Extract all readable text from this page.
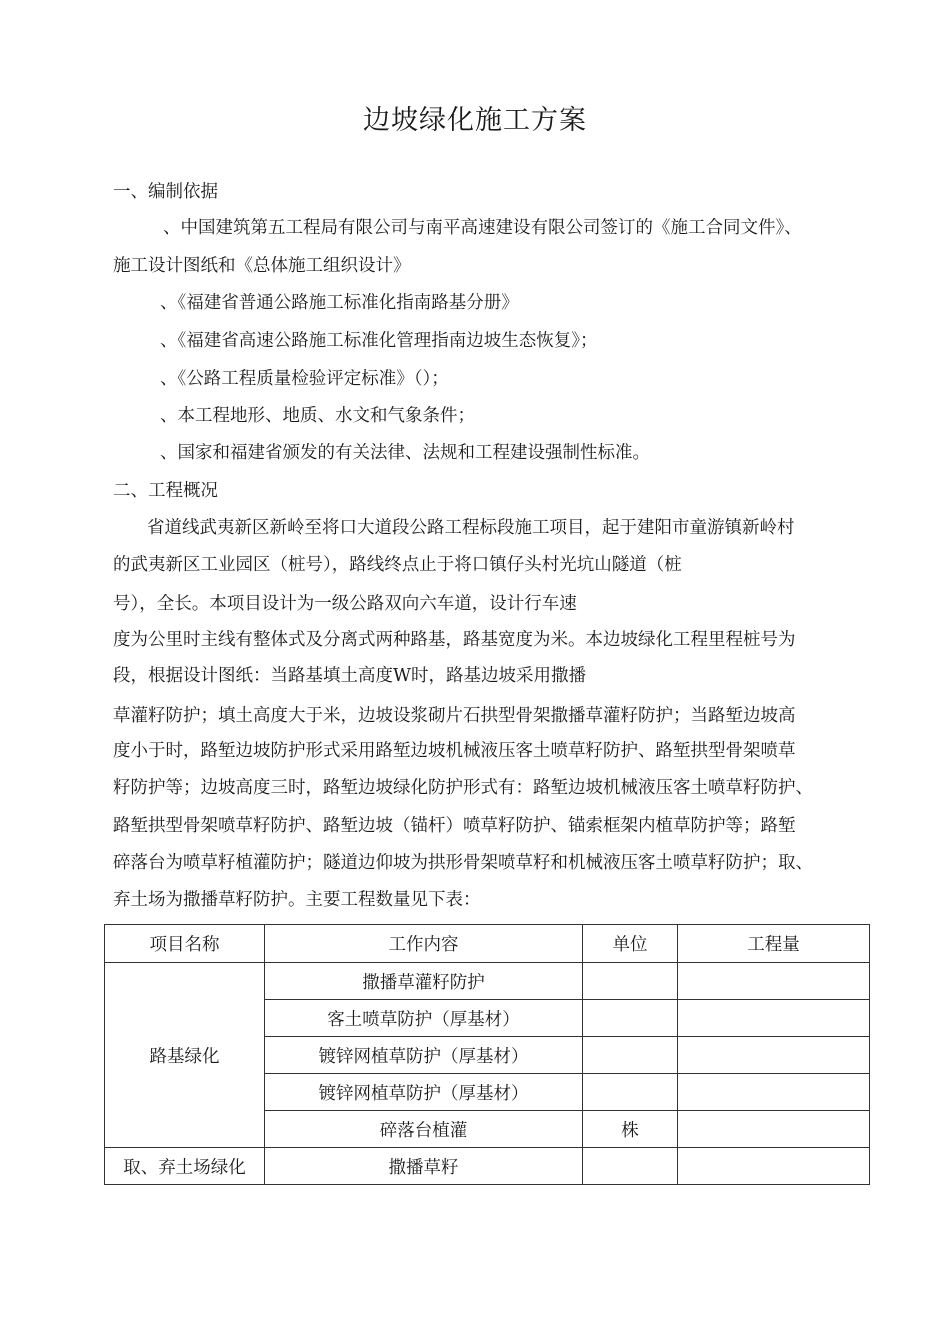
边坡绿化施工方案
一、编制依据
、中国建筑第五工程局有限公司与南平高速建设有限公司签订的《施工合同文件》、
施工设计图纸和《总体施工组织设计》
、《福建省普通公路施工标准化指南路基分册》
、《福建省高速公路施工标准化管理指南边坡生态恢复》；
、《公路工程质量检验评定标准》（）；
、本工程地形、地质、水文和气象条件；
、国家和福建省颁发的有关法律、法规和工程建设强制性标准。
二、工程概况
省道线武夷新区新岭至将口大道段公路工程标段施工项目，起于建阳市童游镇新岭村
的武夷新区工业园区（桩号），路线终点止于将口镇仔头村光坑山隧道（桩
号），全长。本项目设计为一级公路双向六车道，设计行车速
度为公里时主线有整体式及分离式两种路基，路基宽度为米。本边坡绿化工程里程桩号为
段，根据设计图纸：当路基填土高度W时，路基边坡采用撒播
草灌籽防护；填土高度大于米，边坡设浆砌片石拱型骨架撒播草灌籽防护；当路堑边坡高
度小于时，路堑边坡防护形式采用路堑边坡机械液压客土喷草籽防护、路堑拱型骨架喷草
籽防护等；边坡高度三时，路堑边坡绿化防护形式有：路堑边坡机械液压客土喷草籽防护、
路堑拱型骨架喷草籽防护、路堑边坡（锚杆）喷草籽防护、锚索框架内植草防护等；路堑
碎落台为喷草籽植灌防护；隧道边仰坡为拱形骨架喷草籽和机械液压客土喷草籽防护；取、
弃土场为撒播草籽防护。主要工程数量见下表：
项目名称	工作内容	单位	工程量
路基绿化	撒播草灌籽防护		
	客土喷草防护（厚基材）		
	镀锌网植草防护（厚基材）		
	镀锌网植草防护（厚基材）		
	碎落台植灌	株	
取、弃土场绿化	撒播草籽		
